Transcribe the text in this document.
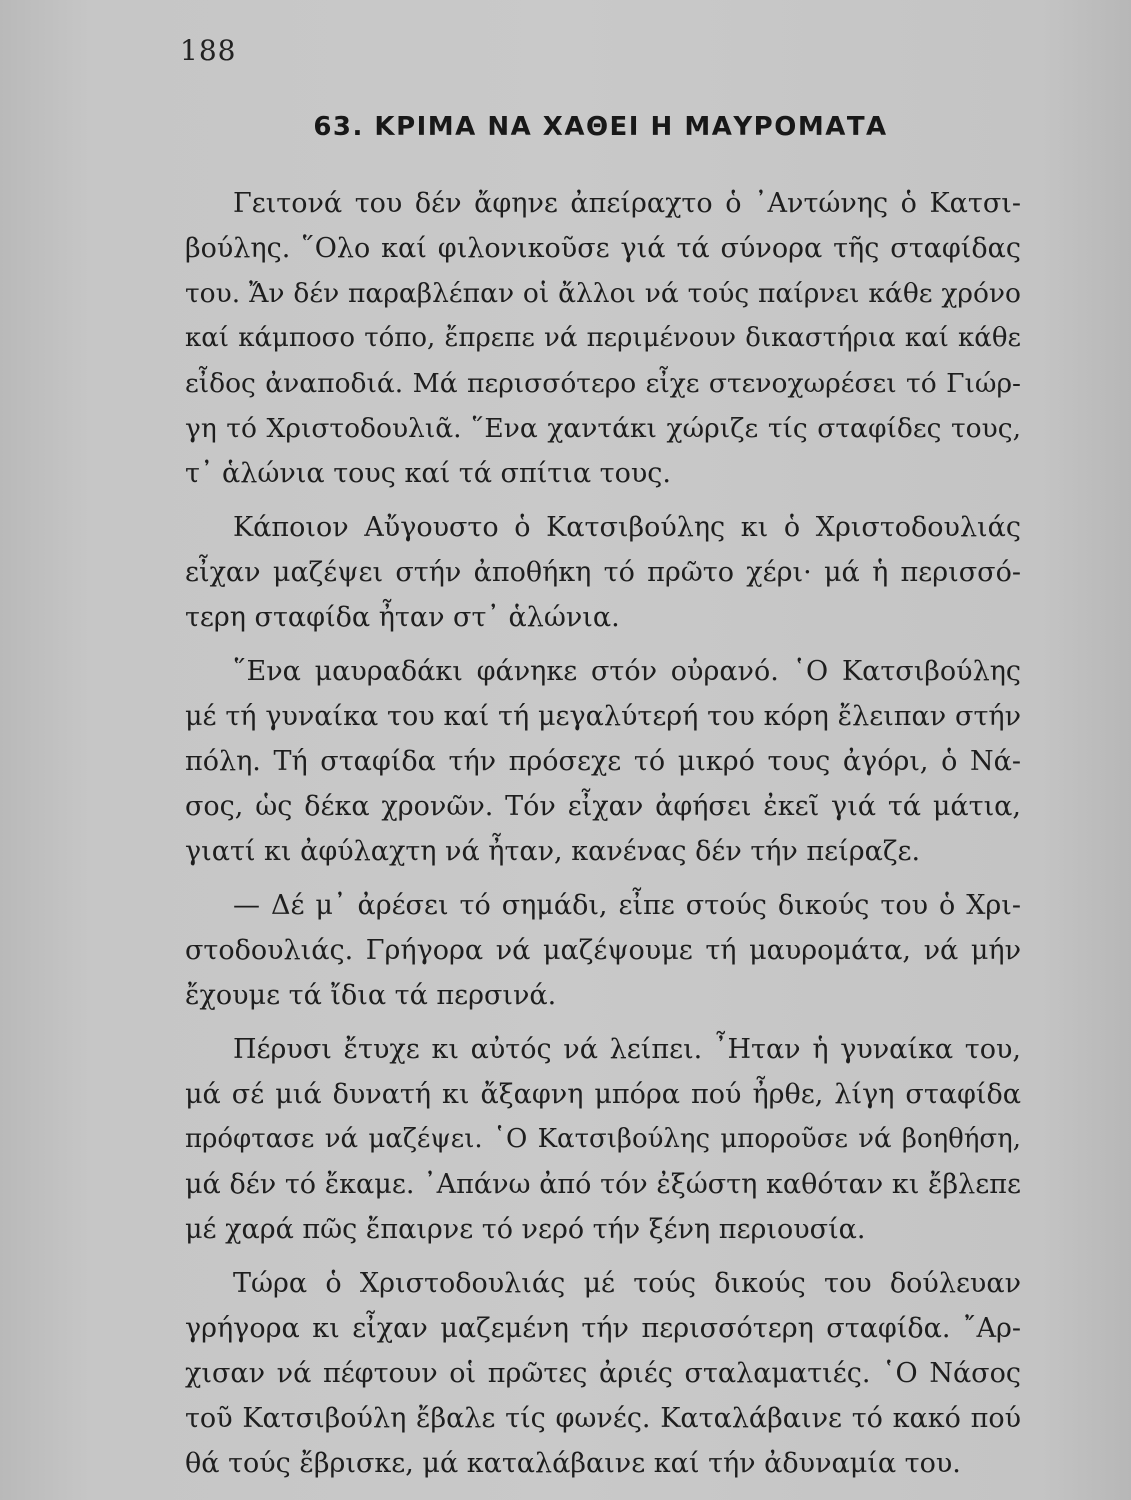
188
63. ΚΡΙΜΑ ΝΑ ΧΑΘΕΙ Η ΜΑΥΡΟΜΑΤΑ
Γειτονά του δέν ἄφηνε ἀπείραχτο ὁ ᾿Αντώνης ὁ Κατσι-
βούλης. ῞Ολο καί φιλονικοῦσε γιά τά σύνορα τῆς σταφίδας
του. Ἄν δέν παραβλέπαν οἱ ἄλλοι νά τούς παίρνει κάθε χρόνο
καί κάμποσο τόπο, ἔπρεπε νά περιμένουν δικαστήρια καί κάθε
εἶδος ἀναποδιά. Μά περισσότερο εἶχε στενοχωρέσει τό Γιώρ-
γη τό Χριστοδουλιᾶ. ῞Ενα χαντάκι χώριζε τίς σταφίδες τους,
τ᾿ ἁλώνια τους καί τά σπίτια τους.
Κάποιον Αὔγουστο ὁ Κατσιβούλης κι ὁ Χριστοδουλιάς
εἶχαν μαζέψει στήν ἀποθήκη τό πρῶτο χέρι· μά ἡ περισσό-
τερη σταφίδα ἦταν στ᾿ ἁλώνια.
῞Ενα μαυραδάκι φάνηκε στόν οὐρανό. ῾Ο Κατσιβούλης
μέ τή γυναίκα του καί τή μεγαλύτερή του κόρη ἔλειπαν στήν
πόλη. Τή σταφίδα τήν πρόσεχε τό μικρό τους ἀγόρι, ὁ Νά-
σος, ὡς δέκα χρονῶν. Τόν εἶχαν ἀφήσει ἐκεῖ γιά τά μάτια,
γιατί κι ἀφύλαχτη νά ἦταν, κανένας δέν τήν πείραζε.
— Δέ μ᾿ ἀρέσει τό σημάδι, εἶπε στούς δικούς του ὁ Χρι-
στοδουλιάς. Γρήγορα νά μαζέψουμε τή μαυρομάτα, νά μήν
ἔχουμε τά ἴδια τά περσινά.
Πέρυσι ἔτυχε κι αὐτός νά λείπει. ῏Ηταν ἡ γυναίκα του,
μά σέ μιά δυνατή κι ἄξαφνη μπόρα πού ἦρθε, λίγη σταφίδα
πρόφτασε νά μαζέψει. ῾Ο Κατσιβούλης μποροῦσε νά βοηθήση,
μά δέν τό ἔκαμε. ᾿Απάνω ἀπό τόν ἐξώστη καθόταν κι ἔβλεπε
μέ χαρά πῶς ἔπαιρνε τό νερό τήν ξένη περιουσία.
Τώρα ὁ Χριστοδουλιάς μέ τούς δικούς του δούλευαν
γρήγορα κι εἶχαν μαζεμένη τήν περισσότερη σταφίδα. ῎Αρ-
χισαν νά πέφτουν οἱ πρῶτες ἀριές σταλαματιές. ῾Ο Νάσος
τοῦ Κατσιβούλη ἔβαλε τίς φωνές. Καταλάβαινε τό κακό πού
θά τούς ἔβρισκε, μά καταλάβαινε καί τήν ἀδυναμία του.
